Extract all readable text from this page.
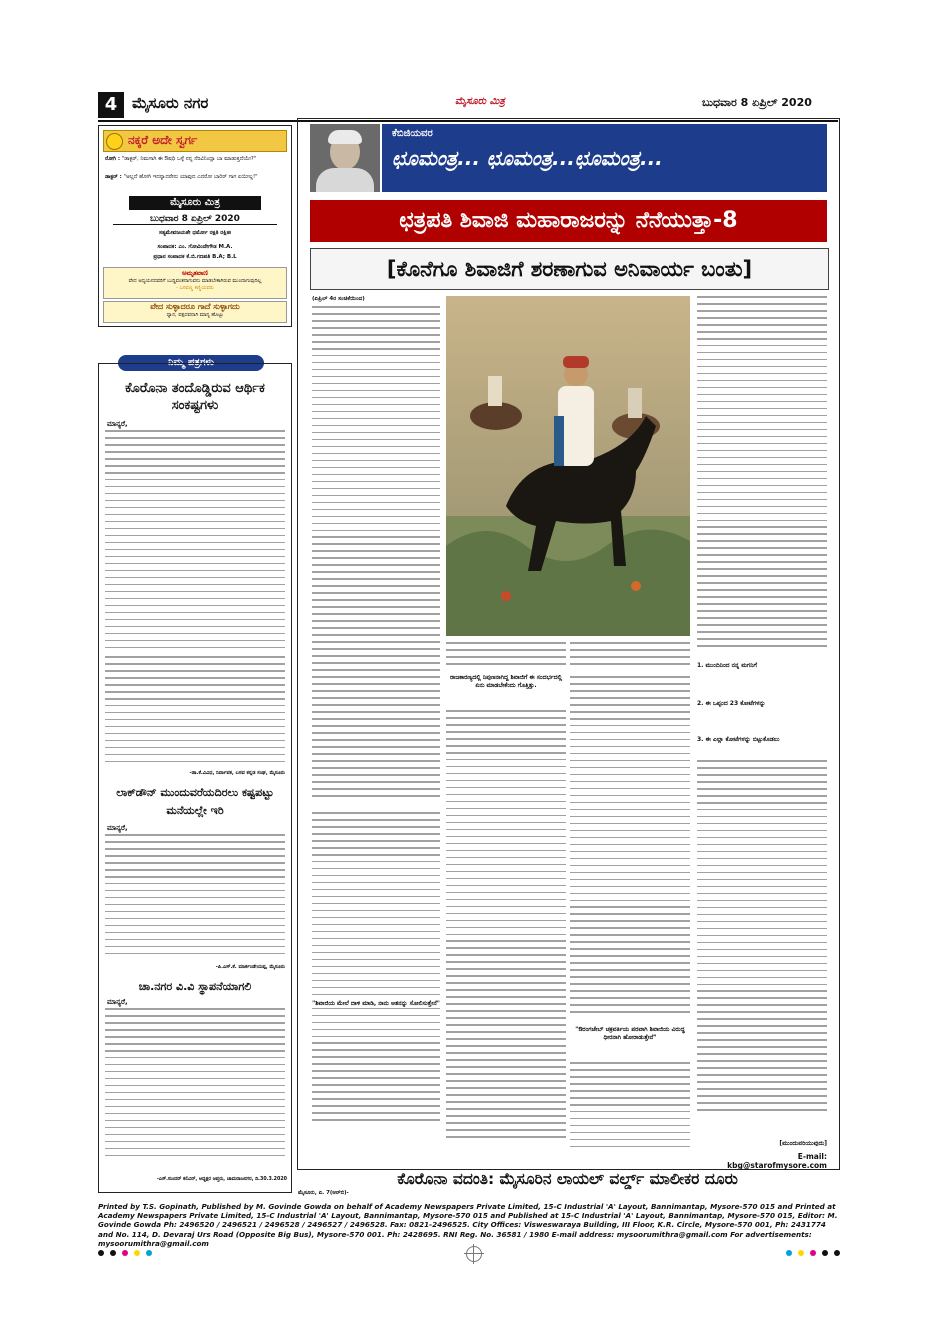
4 ಮೈಸೂರು ನಗರ	ಮೈಸೂರು ಮಿತ್ರ	ಬುಧವಾರ 8 ಏಪ್ರಿಲ್ 2020
ನಕ್ಕರೆ ಅದೇ ಸ್ವರ್ಗ
ರೋಗಿ : "ಡಾಕ್ಟರ್, ನಿಮಗಾಗಿ ಈ ಔಷಧಿ ಒಳ್ಳೆ ನನ್ನ ನೆರವಿನಿಂದ್ಲಾ ಬಾ ಮಾಡುತ್ತದೆಯೇ?"
ಡಾಕ್ಟರ್ : "ಅಲ್ಲದೆ ಹೋಗಿ ಇದನ್ನಾದರೇನು ಯಾವುದ ಎದರೋ ಬಾರಿರ್ ಗಾಗ ಏಯೀಲ್ಲ!"
ಮೈಸೂರು ಮಿತ್ರ
ಬುಧವಾರ 8 ಏಪ್ರಿಲ್ 2020
ಸತ್ಯಮೇವಜಯತೇ ಧರ್ಮೋ ರಕ್ಷತಿ ರಕ್ಷಿತಃ
ಸಂಪಾದಕ: ಎಂ. ಗೋವಿಂದೇಗೌಡ M.A.
ಪ್ರಧಾನ ಸಂಪಾದಕ ಕೆ.ಬಿ.ಗಣಪತಿ B.A; B.L
ಅಮೃತವಾಣಿ
ವೇದ ಅಧ್ಯಯನದವರಿಗೆ ಬುದ್ಧಿವಂತನಾಗುವನು ಮಾಡಬೇಕಾಗಿರುವ ಮುಂದಾಗುವುದಿಲ್ಲ
- ಬಸವಣ್ಣ ಕಣ್ಣಿಯವರು
ವೇದ ಸುಳ್ಳಾದರೂ ಗಾದೆ ಸುಳ್ಳಾಗದು
ಧ್ಯಾನ, ಪತ್ಪದವನಾಗಿ ಮಾನ್ಯ ಹೊಟ್ಟು
ನಿಮ್ಮ ಪತ್ರಗಳು
ಕೊರೊನಾ ತಂದೊಡ್ಡಿರುವ ಆರ್ಥಿಕ ಸಂಕಷ್ಟಗಳು
ಮಾನ್ಯರೆ,
-ಡಾ.ಕೆ.ವಿವಿಧ, ನಿರ್ವಾಪಕ, ಬಸವ ಕನ್ನಡ ಸಂಘ, ಮೈಸೂರು
ಲಾಕ್‌ಡೌನ್ ಮುಂದುವರೆಯದಿರಲು ಕಷ್ಟಪಟ್ಟು ಮನೆಯಲ್ಲೇ ಇರಿ
ಮಾನ್ಯರೆ,
-ಪಿ.ಎಸ್.ಕೆ. ಮಾರ್ಕಂಡೇಯಪ್ಪ, ಮೈಸೂರು
ಚಾ.ನಗರ ವಿ.ವಿ ಸ್ಥಾಪನೆಯಾಗಲಿ
ಮಾನ್ಯರೆ,
-ಎಸ್.ಸುಂದರ್ ಕಲಿವಿರ್, ಅಧ್ಯಕ್ಷರ ಆಪ್ತರು, ಚಾಮರಾಜನಗರ, ದಿ.30.3.2020
ಕೆಬಿಜಿಯವರ
ಛೂಮಂತ್ರ... ಛೂಮಂತ್ರ...ಛೂಮಂತ್ರ...
ಛತ್ರಪತಿ ಶಿವಾಜಿ ಮಹಾರಾಜರನ್ನು ನೆನೆಯುತ್ತಾ-8
[ಕೊನೆಗೂ ಶಿವಾಜಿಗೆ ಶರಣಾಗುವ ಅನಿವಾರ್ಯ ಬಂತು]
(ಏಪ್ರಿಲ್ 4ರ ಸಂಚಿಕೆಯಿಂದ)
ರಾಜಕಾರಣ್ಯದಲ್ಲಿ ನಿಪುಣನಾಗಿದ್ದ ಶಿವಾಜಿಗೆ ಈ ಸಂದರ್ಭದಲ್ಲಿ ಏನು ಮಾಡಬೇಕೆಂದು ಗೊತ್ತಿತ್ತು.
"ಶಿವಾಜಿಯ ಮೇಲೆ ದಾಳಿ ಮಾಡಿ, ನಾನು ಆತನನ್ನು ಸೋಲಿಸುತ್ತೇನೆ"
"ಔರಂಗಜೇಬ್ ಚಕ್ರವರ್ತಿಯ ಪರವಾಗಿ ಶಿವಾಜಿಯ ವಿರುದ್ಧ ಧೀರನಾಗಿ ಹೋರಾಡುತ್ತೇನೆ"
1. ಮುಂದಿನಿಂದ ನನ್ನ ಮಗನಿಗೆ
2. ಈ ಒಪ್ಪಂದ 23 ಕೋಟೆಗಳನ್ನು
3. ಈ ಎಲ್ಲಾ ಕೋಟೆಗಳನ್ನು ಬಿಟ್ಟುಕೊಡಲು
[ಮುಂದುವರಿಯುವುದು]
E-mail: kbg@starofmysore.com
ಕೊರೊನಾ ವದಂತಿ: ಮೈಸೂರಿನ ಲಾಯಲ್ ವರ್ಲ್ಡ್ ಮಾಲೀಕರ ದೂರು
ಮೈಸೂರು, ಏ. 7(ಆರ್‌ಬಿ)-
Printed by T.S. Gopinath, Published by M. Govinde Gowda on behalf of Academy Newspapers Private Limited, 15-C Industrial 'A' Layout, Bannimantap, Mysore-570 015 and Printed at Academy Newspapers Private Limited, 15-C Industrial 'A' Layout, Bannimantap, Mysore-570 015 and Published at 15-C Industrial 'A' Layout, Bannimantap, Mysore-570 015, Editor: M. Govinde Gowda Ph: 2496520 / 2496521 / 2496528 / 2496527 / 2496528. Fax: 0821-2496525. City Offices: Visweswaraya Building, III Floor, K.R. Circle, Mysore-570 001, Ph: 2431774 and No. 114, D. Devaraj Urs Road (Opposite Big Bus), Mysore-570 001. Ph: 2428695. RNI Reg. No. 36581 / 1980 E-mail address: mysoorumithra@gmail.com For advertisements: mysoorumithra@gmail.com
